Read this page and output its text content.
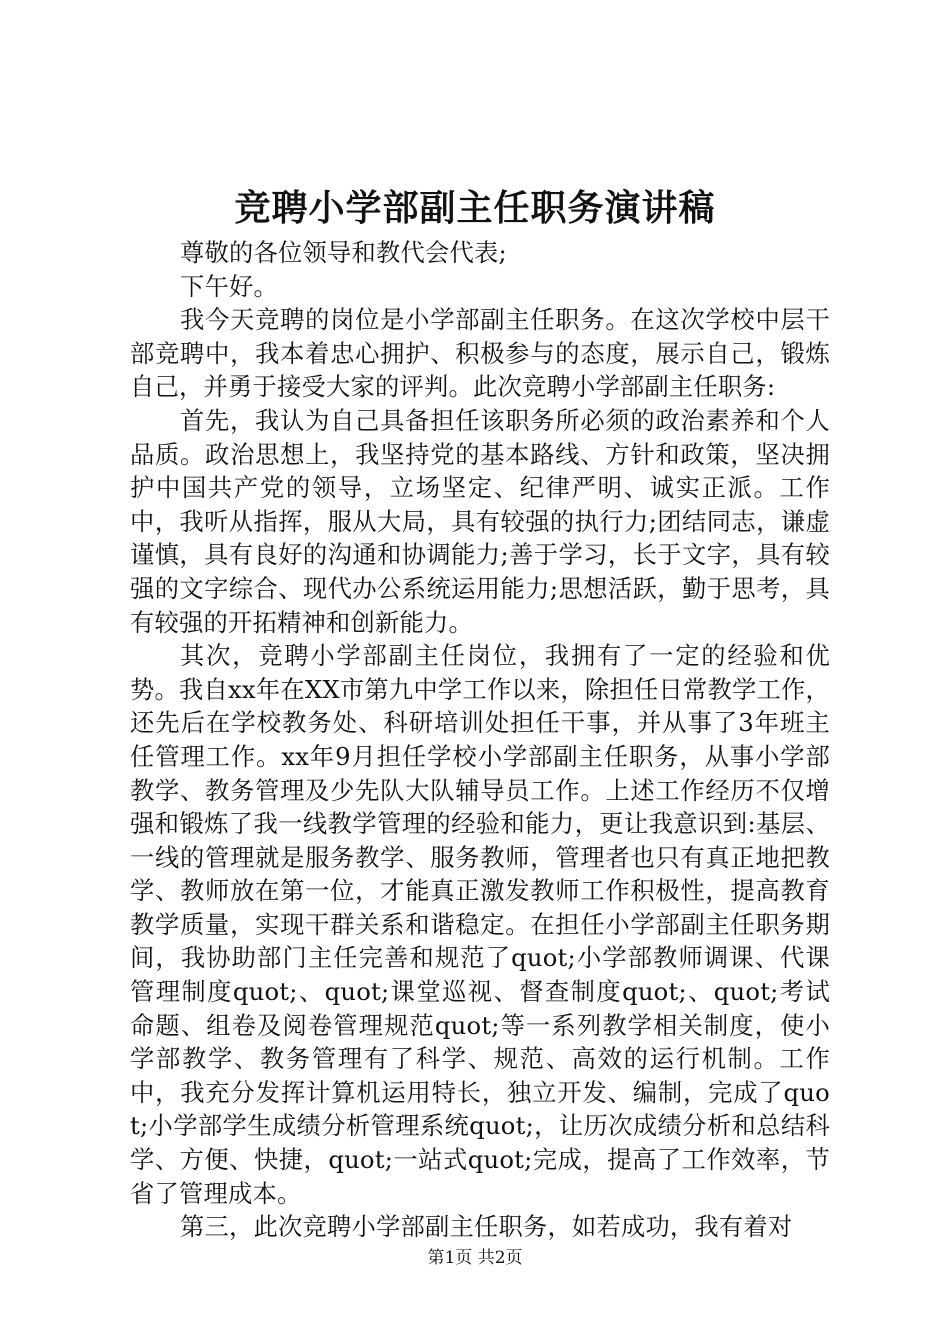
竞聘小学部副主任职务演讲稿

尊敬的各位领导和教代会代表;

下午好。

我今天竞聘的岗位是小学部副主任职务。在这次学校中层干部竞聘中，我本着忠心拥护、积极参与的态度，展示自己，锻炼自己，并勇于接受大家的评判。此次竞聘小学部副主任职务:

首先，我认为自己具备担任该职务所必须的政治素养和个人品质。政治思想上，我坚持党的基本路线、方针和政策，坚决拥护中国共产党的领导，立场坚定、纪律严明、诚实正派。工作中，我听从指挥，服从大局，具有较强的执行力;团结同志，谦虚谨慎，具有良好的沟通和协调能力;善于学习，长于文字，具有较强的文字综合、现代办公系统运用能力;思想活跃，勤于思考，具有较强的开拓精神和创新能力。

其次，竞聘小学部副主任岗位，我拥有了一定的经验和优势。我自xx年在XX市第九中学工作以来，除担任日常教学工作，还先后在学校教务处、科研培训处担任干事，并从事了3年班主任管理工作。xx年9月担任学校小学部副主任职务，从事小学部教学、教务管理及少先队大队辅导员工作。上述工作经历不仅增强和锻炼了我一线教学管理的经验和能力，更让我意识到:基层、一线的管理就是服务教学、服务教师，管理者也只有真正地把教学、教师放在第一位，才能真正激发教师工作积极性，提高教育教学质量，实现干群关系和谐稳定。在担任小学部副主任职务期间，我协助部门主任完善和规范了quot;小学部教师调课、代课管理制度quot;、quot;课堂巡视、督查制度quot;、quot;考试命题、组卷及阅卷管理规范quot;等一系列教学相关制度，使小学部教学、教务管理有了科学、规范、高效的运行机制。工作中，我充分发挥计算机运用特长，独立开发、编制，完成了quot;小学部学生成绩分析管理系统quot;，让历次成绩分析和总结科学、方便、快捷，quot;一站式quot;完成，提高了工作效率，节省了管理成本。

第三，此次竞聘小学部副主任职务，如若成功，我有着对

第1页 共2页
